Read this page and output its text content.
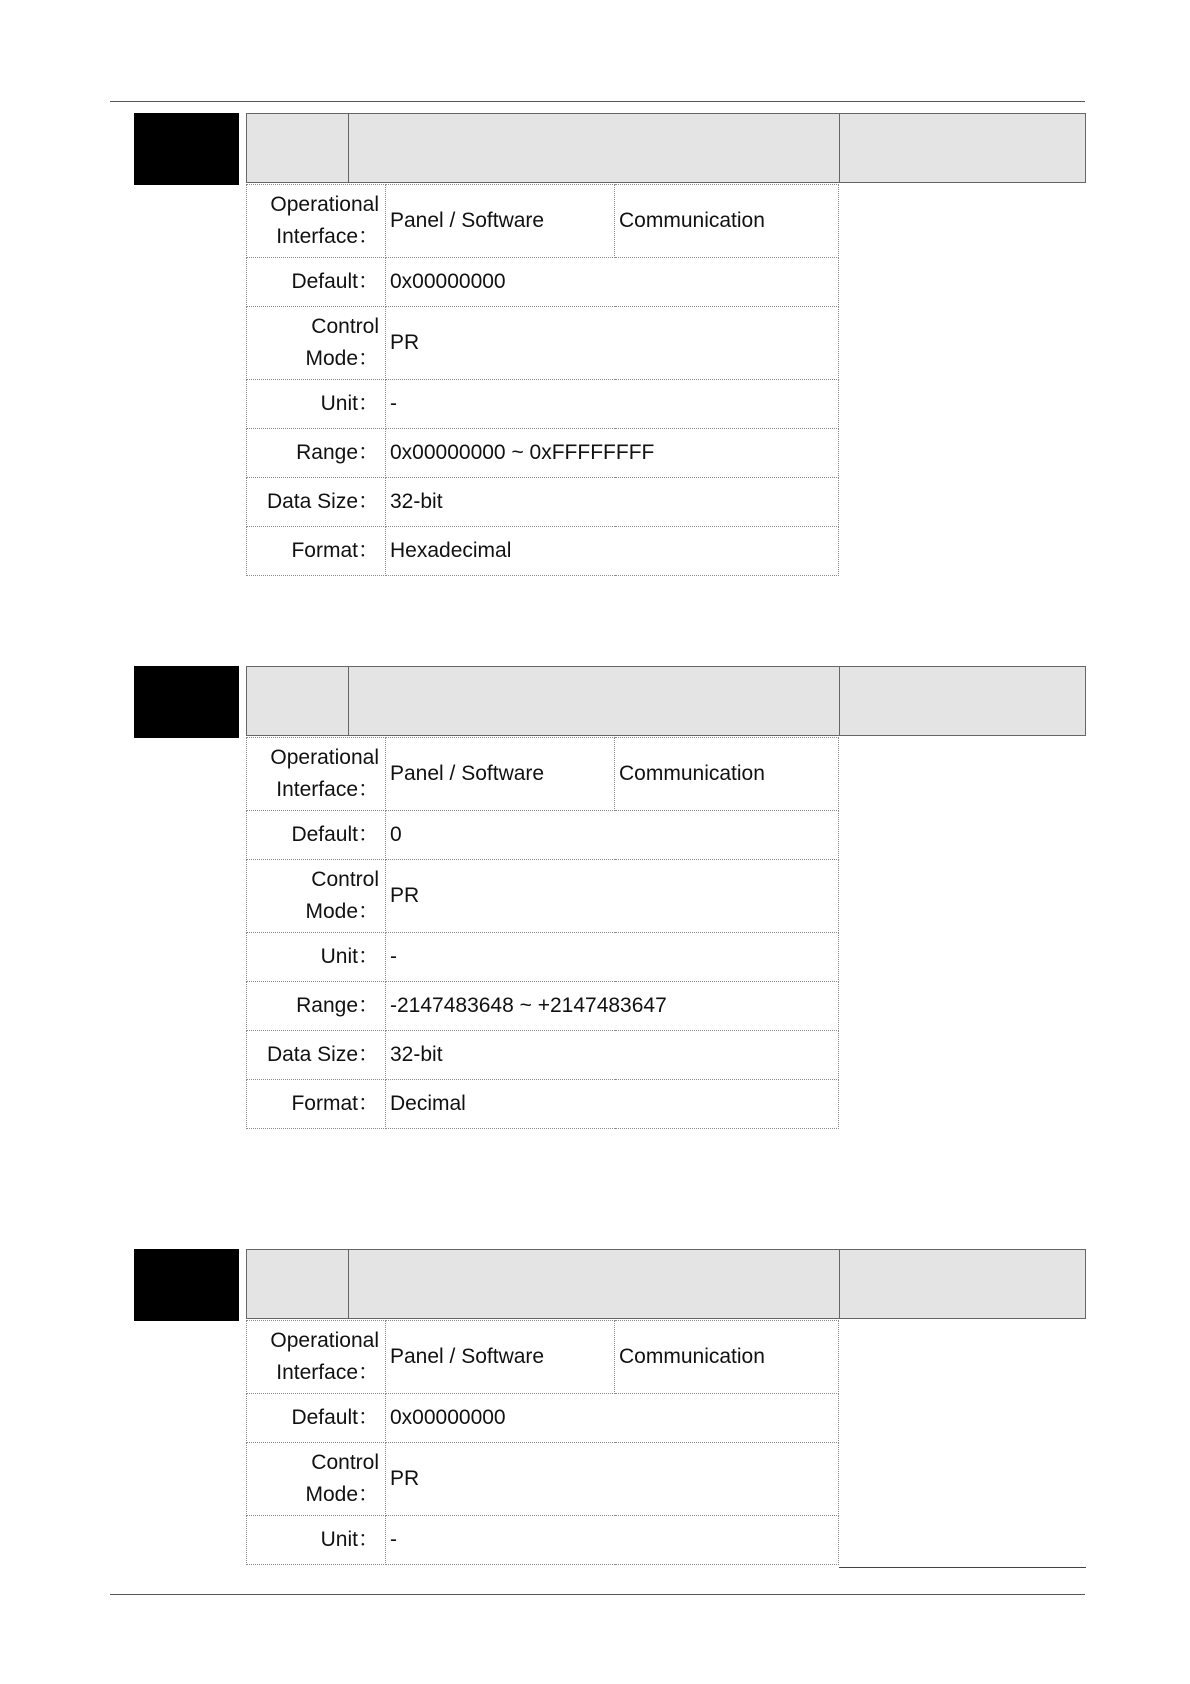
Operational Interface：	Panel / Software	Communication
Default：	0x00000000	
Control Mode：	PR	
Unit：	-	
Range：	0x00000000 ~ 0xFFFFFFFF	
Data Size：	32-bit	
Format：	Hexadecimal	
Operational Interface：	Panel / Software	Communication
Default：	0	
Control Mode：	PR	
Unit：	-	
Range：	-2147483648 ~ +2147483647	
Data Size：	32-bit	
Format：	Decimal	
Operational Interface：	Panel / Software	Communication
Default：	0x00000000	
Control Mode：	PR	
Unit：	-	
